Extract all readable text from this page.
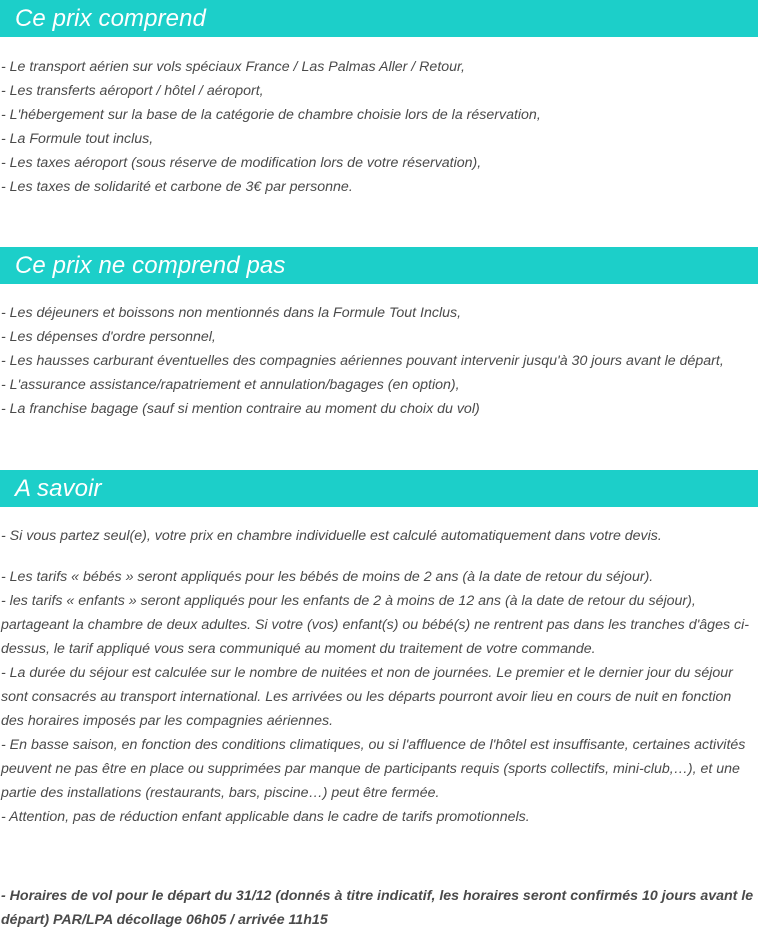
Ce prix comprend
- Le transport aérien sur vols spéciaux France / Las Palmas Aller / Retour,
- Les transferts aéroport / hôtel / aéroport,
- L'hébergement sur la base de la catégorie de chambre choisie lors de la réservation,
- La Formule tout inclus,
- Les taxes aéroport (sous réserve de modification lors de votre réservation),
- Les taxes de solidarité et carbone de 3€ par personne.
Ce prix ne comprend pas
- Les déjeuners et boissons non mentionnés dans la Formule Tout Inclus,
- Les dépenses d'ordre personnel,
- Les hausses carburant éventuelles des compagnies aériennes pouvant intervenir jusqu'à 30 jours avant le départ,
- L'assurance assistance/rapatriement et annulation/bagages (en option),
- La franchise bagage (sauf si mention contraire au moment du choix du vol)
A savoir
- Si vous partez seul(e), votre prix en chambre individuelle est calculé automatiquement dans votre devis.
- Les tarifs « bébés » seront appliqués pour les bébés de moins de 2 ans (à la date de retour du séjour).
- les tarifs « enfants » seront appliqués pour les enfants de 2 à moins de 12 ans (à la date de retour du séjour), partageant la chambre de deux adultes. Si votre (vos) enfant(s) ou bébé(s) ne rentrent pas dans les tranches d'âges ci-dessus, le tarif appliqué vous sera communiqué au moment du traitement de votre commande.
- La durée du séjour est calculée sur le nombre de nuitées et non de journées. Le premier et le dernier jour du séjour sont consacrés au transport international. Les arrivées ou les départs pourront avoir lieu en cours de nuit en fonction des horaires imposés par les compagnies aériennes.
- En basse saison, en fonction des conditions climatiques, ou si l'affluence de l'hôtel est insuffisante, certaines activités peuvent ne pas être en place ou supprimées par manque de participants requis (sports collectifs, mini-club,…), et une partie des installations (restaurants, bars, piscine…) peut être fermée.
- Attention, pas de réduction enfant applicable dans le cadre de tarifs promotionnels.
- Horaires de vol pour le départ du 31/12 (donnés à titre indicatif, les horaires seront confirmés 10 jours avant le départ) PAR/LPA décollage 06h05 / arrivée 11h15
